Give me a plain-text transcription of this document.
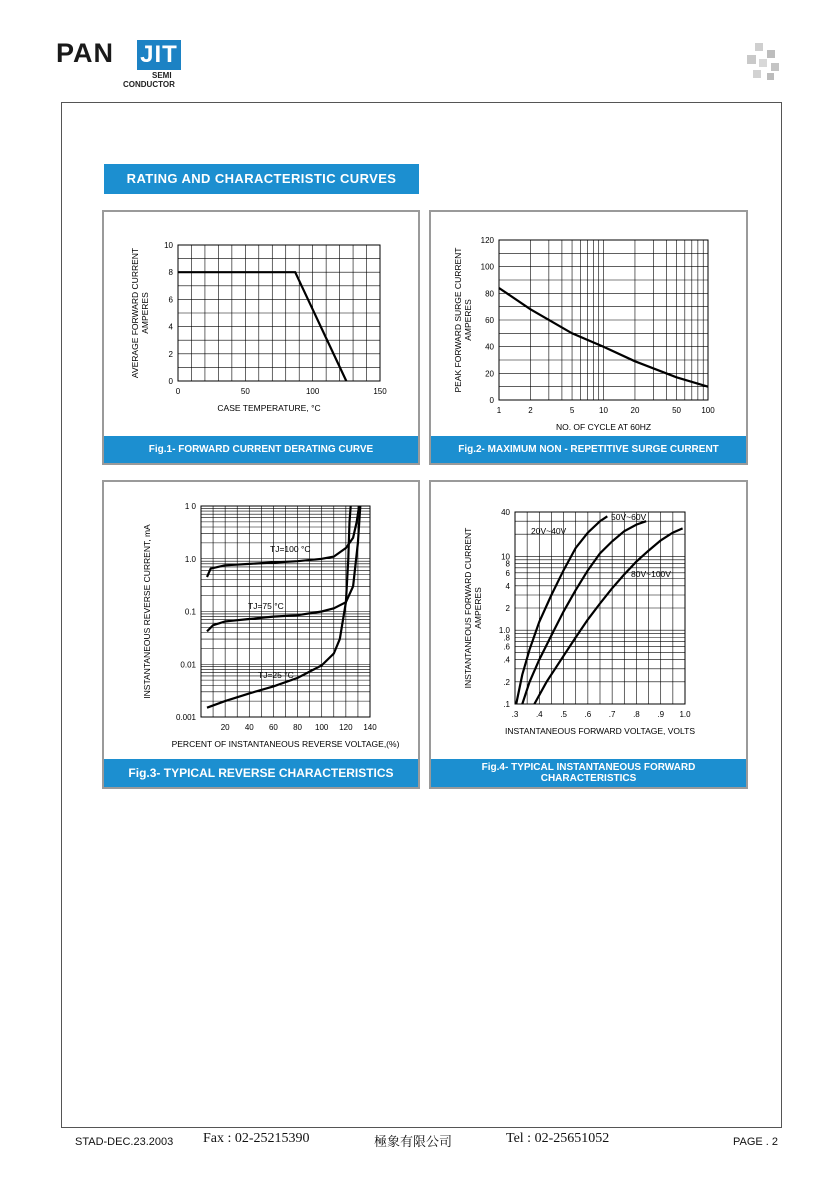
PAN JIT
SEMI
CONDUCTOR
RATING AND CHARACTERISTIC CURVES
0	50	100	150
0
2
4
6
8
10
CASE TEMPERATURE, °C
AVERAGE FORWARD CURRENT AMPERES
Fig.1- FORWARD CURRENT DERATING CURVE
1	2	5	10	20	50	100
0
20
40
60
80
100
120
NO. OF CYCLE AT 60HZ
PEAK FORWARD SURGE CURRENT AMPERES
Fig.2- MAXIMUM NON - REPETITIVE SURGE CURRENT
20 40 60 80 100 120 140
0.001
0.01
0.1
1.0
1 0
PERCENT OF INSTANTANEOUS REVERSE VOLTAGE,(%)
INSTANTANEOUS REVERSE CURRENT, mA	TJ=100 °C
TJ=75 °C
TJ=25 °C
Fig.3- TYPICAL REVERSE CHARACTERISTICS
.3 .4 .5 .6 .7 .8 .9 1.0
.1
.2
.4
.6
.8
1.0
2
4
6
8
10
40
INSTANTANEOUS FORWARD VOLTAGE, VOLTS
INSTANTANEOUS FORWARD CURRENT AMPERES
20V~40V
50V~60V
80V~100V
Fig.4- TYPICAL INSTANTANEOUS FORWARD
CHARACTERISTICS
STAD-DEC.23.2003 Fax : 02-25215390	極象有限公司	Tel : 02-25651052	PAGE . 2
